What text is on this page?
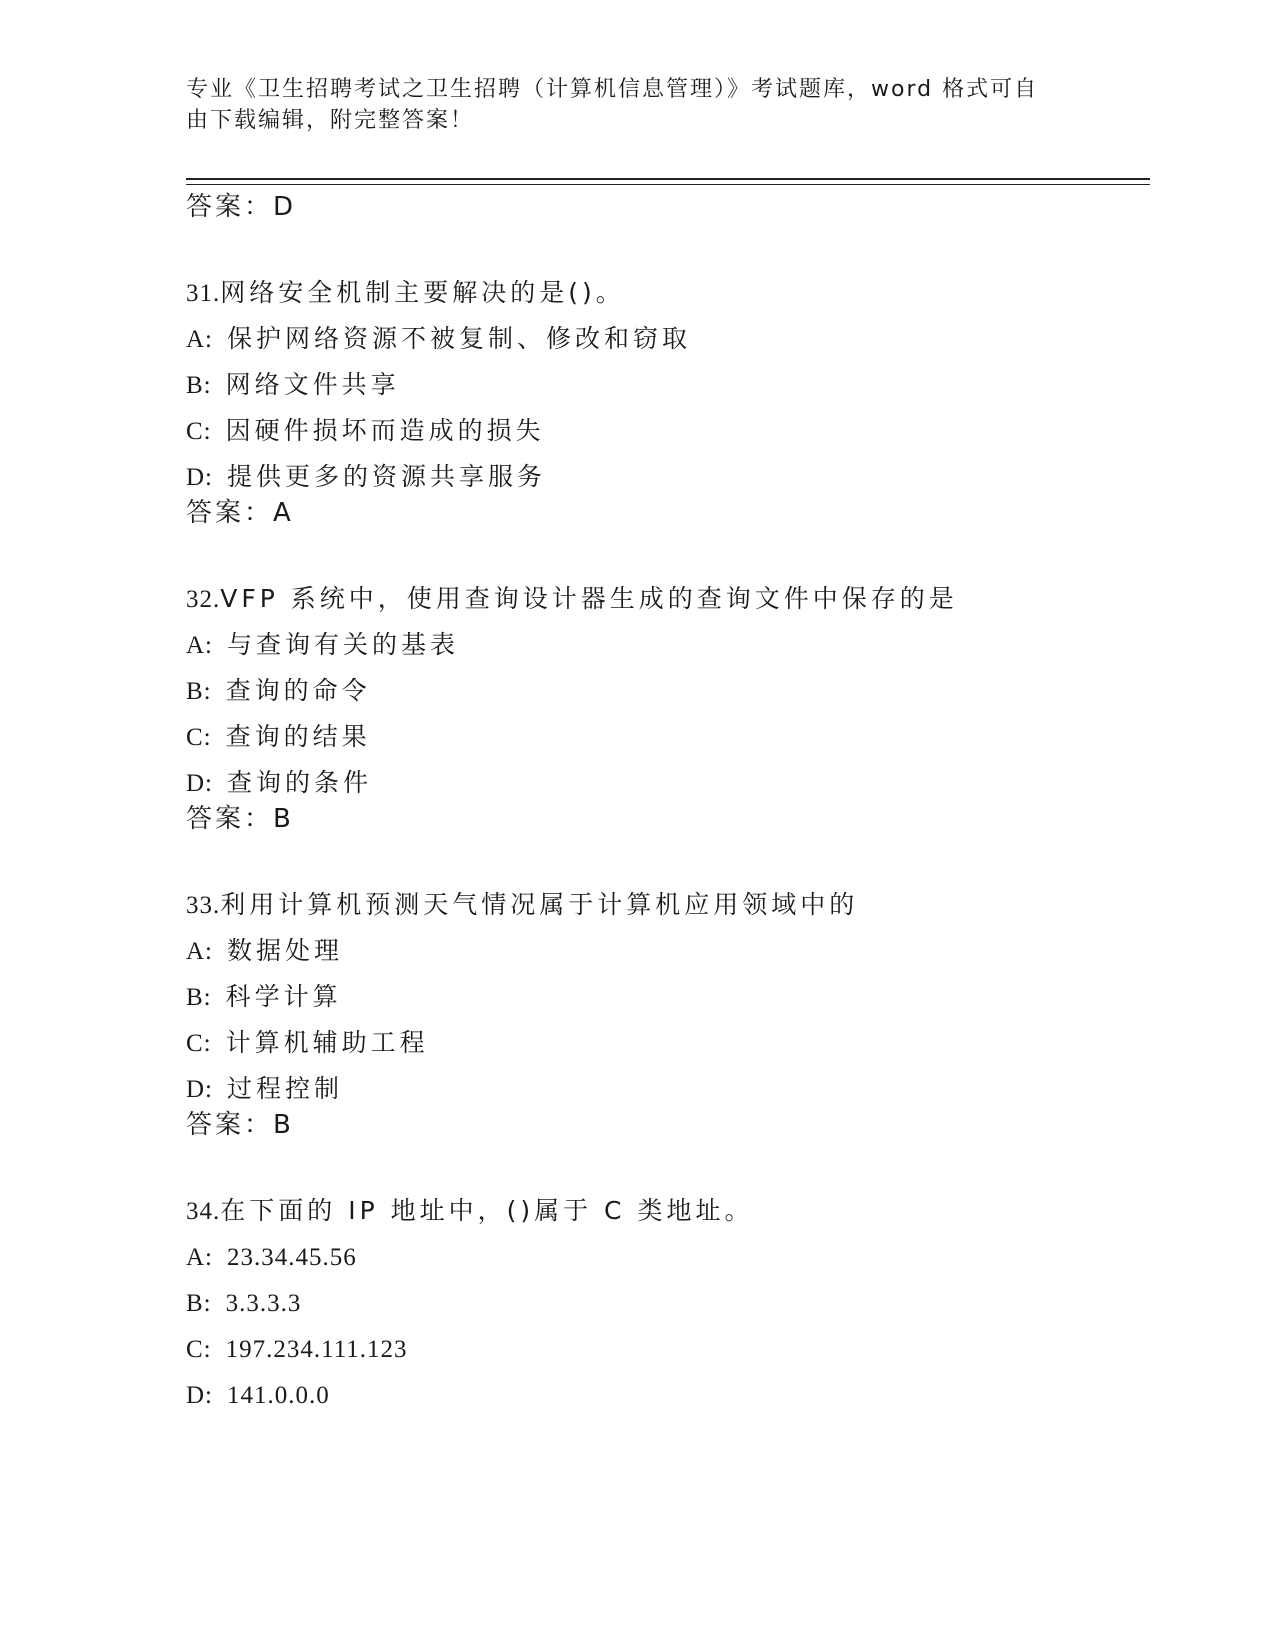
专业《卫生招聘考试之卫生招聘（计算机信息管理）》考试题库，word 格式可自
由下载编辑，附完整答案！
答案：D
31.网络安全机制主要解决的是()。
A: 保护网络资源不被复制、修改和窃取
B: 网络文件共享
C: 因硬件损坏而造成的损失
D: 提供更多的资源共享服务
答案：A
32.VFP 系统中，使用查询设计器生成的查询文件中保存的是
A: 与查询有关的基表
B: 查询的命令
C: 查询的结果
D: 查询的条件
答案：B
33.利用计算机预测天气情况属于计算机应用领域中的
A: 数据处理
B: 科学计算
C: 计算机辅助工程
D: 过程控制
答案：B
34.在下面的 IP 地址中，()属于 C 类地址。
A: 23.34.45.56
B: 3.3.3.3
C: 197.234.111.123
D: 141.0.0.0
